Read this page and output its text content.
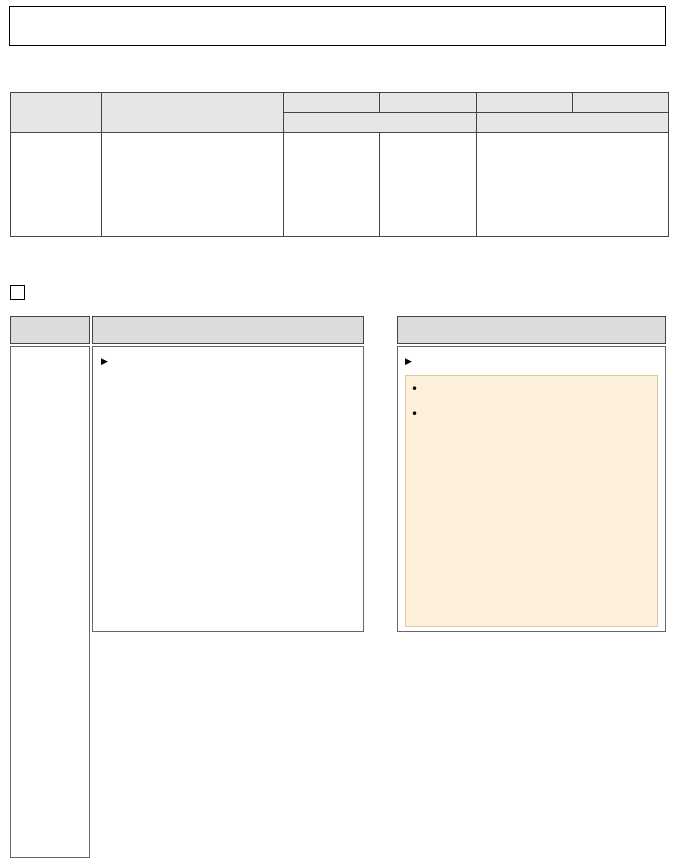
▶	▶
•
•
